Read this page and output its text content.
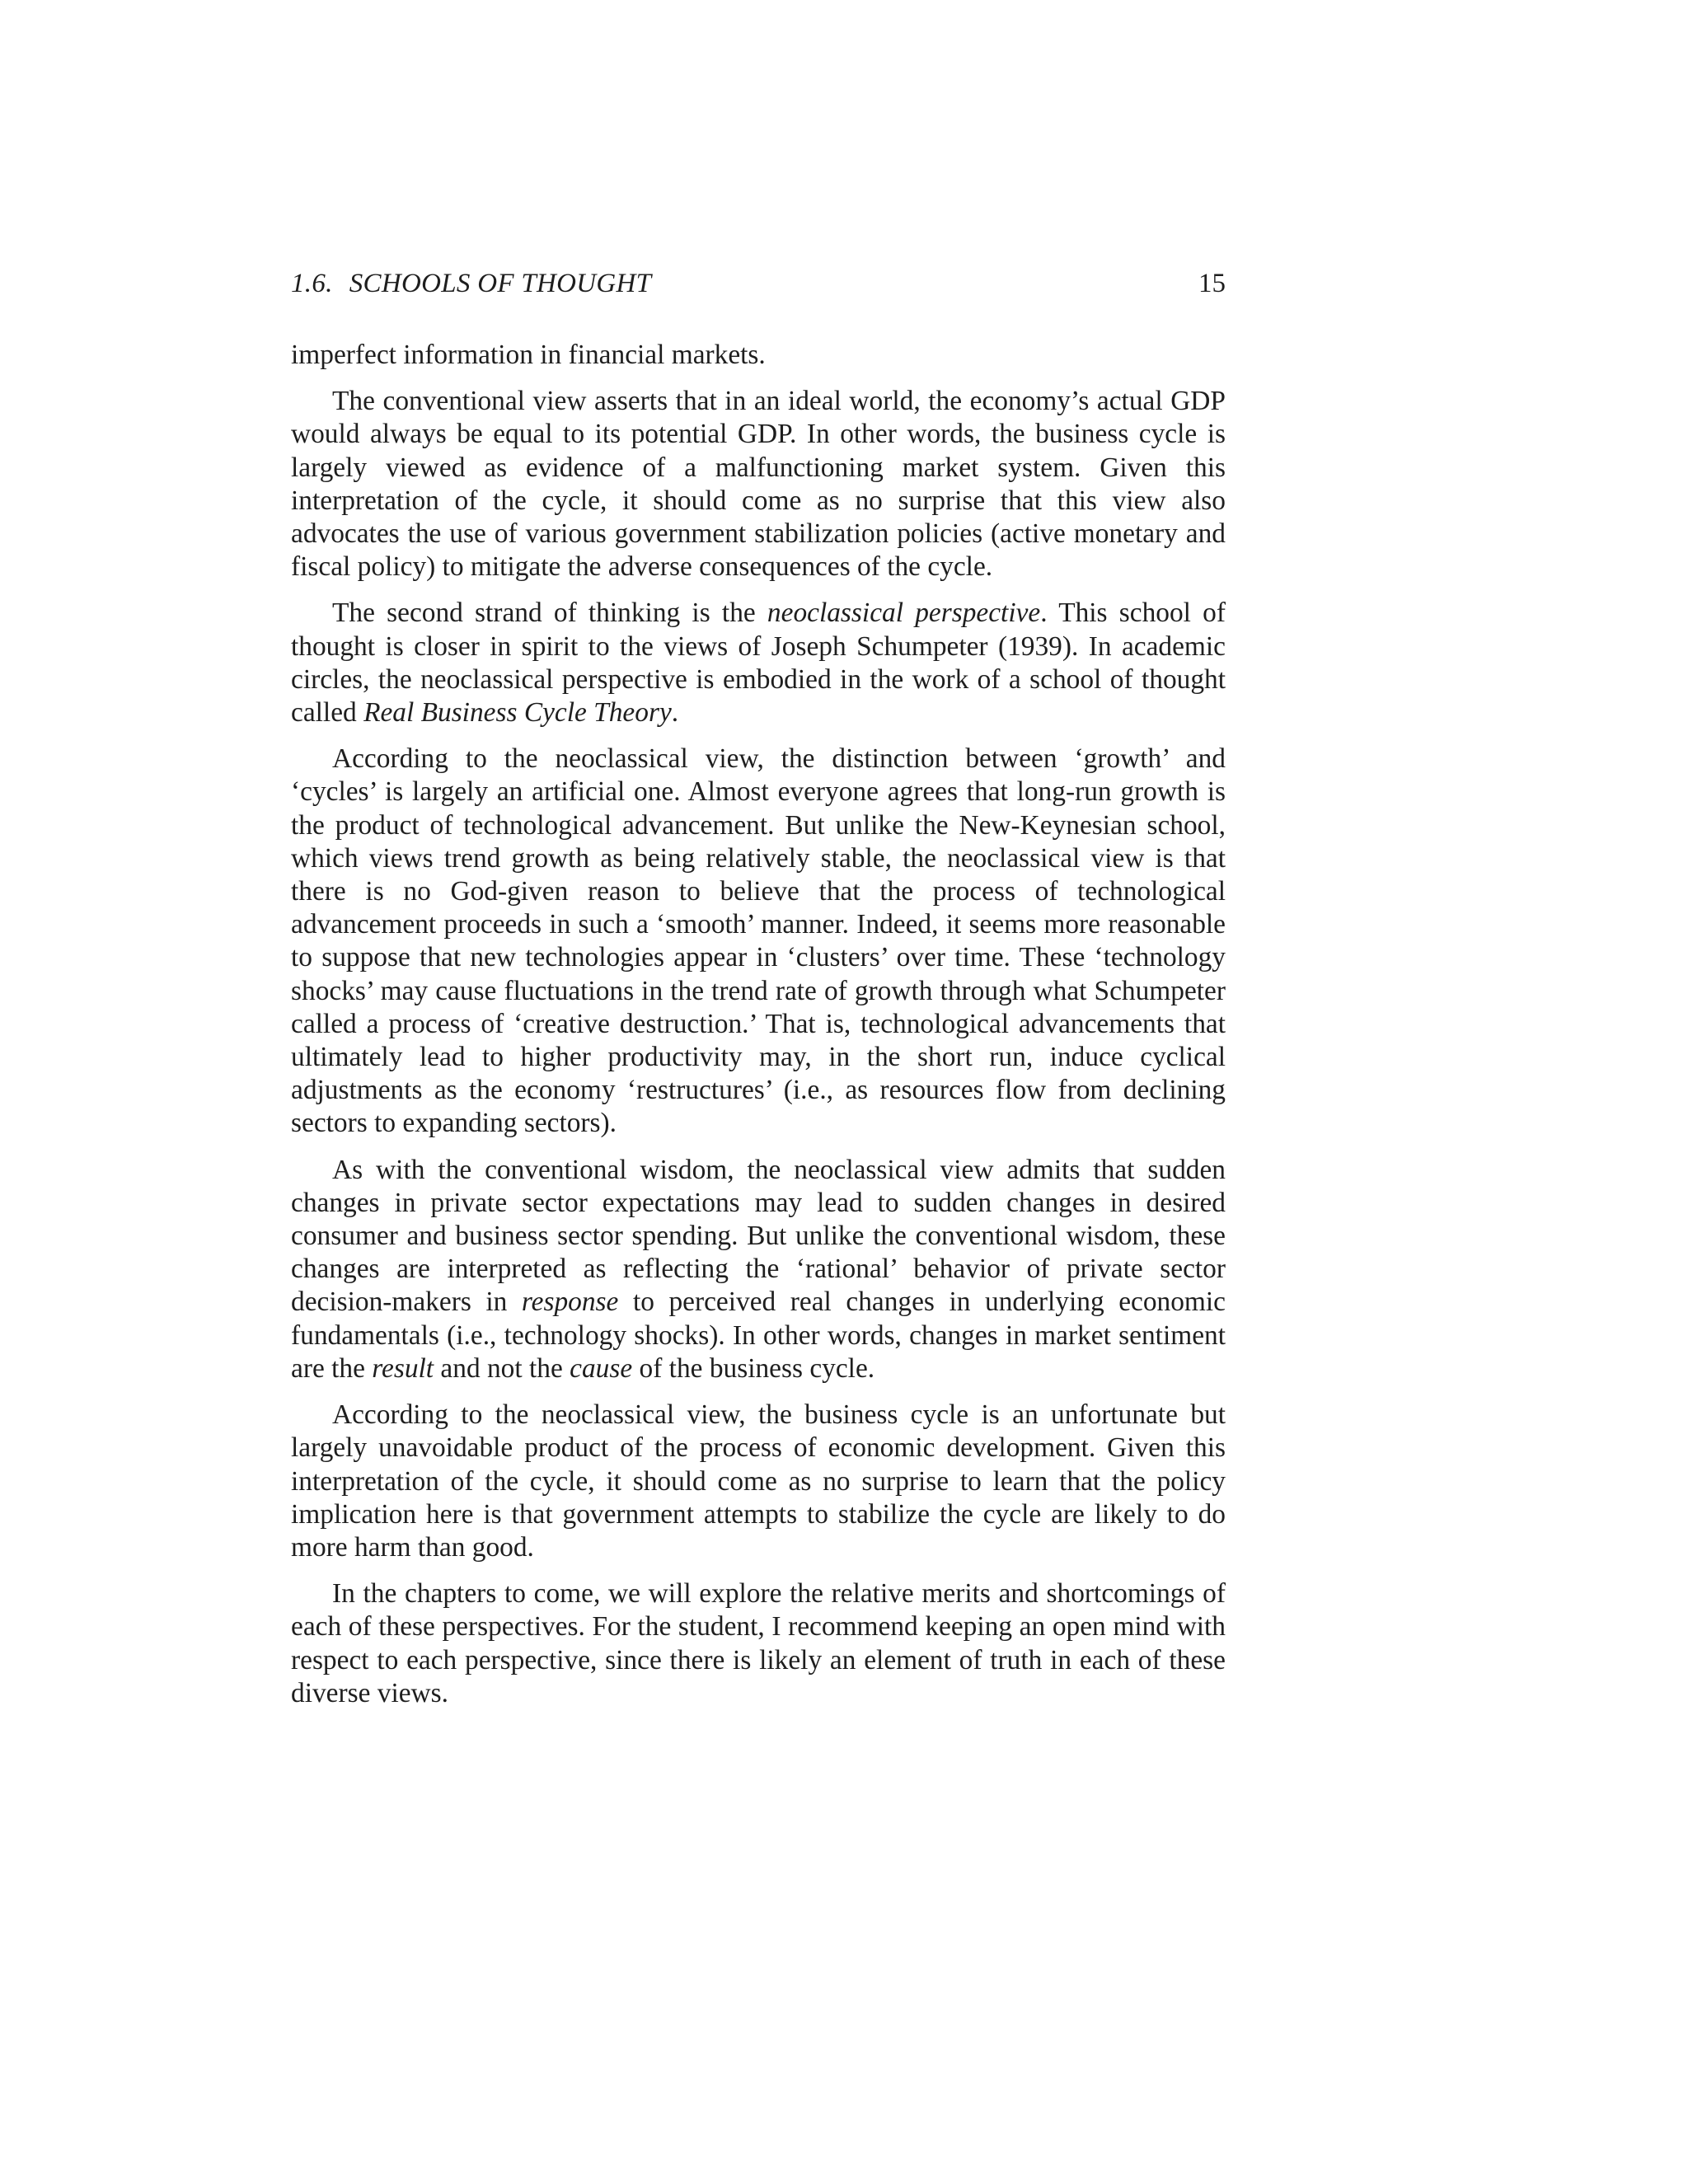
1.6. SCHOOLS OF THOUGHT	15

imperfect information in financial markets.

The conventional view asserts that in an ideal world, the economy’s actual GDP would always be equal to its potential GDP. In other words, the business cycle is largely viewed as evidence of a malfunctioning market system. Given this interpretation of the cycle, it should come as no surprise that this view also advocates the use of various government stabilization policies (active monetary and fiscal policy) to mitigate the adverse consequences of the cycle.

The second strand of thinking is the neoclassical perspective. This school of thought is closer in spirit to the views of Joseph Schumpeter (1939). In academic circles, the neoclassical perspective is embodied in the work of a school of thought called Real Business Cycle Theory.

According to the neoclassical view, the distinction between ‘growth’ and ‘cycles’ is largely an artificial one. Almost everyone agrees that long-run growth is the product of technological advancement. But unlike the New-Keynesian school, which views trend growth as being relatively stable, the neoclassical view is that there is no God-given reason to believe that the process of technological advancement proceeds in such a ‘smooth’ manner. Indeed, it seems more reasonable to suppose that new technologies appear in ‘clusters’ over time. These ‘technology shocks’ may cause fluctuations in the trend rate of growth through what Schumpeter called a process of ‘creative destruction.’ That is, technological advancements that ultimately lead to higher productivity may, in the short run, induce cyclical adjustments as the economy ‘restructures’ (i.e., as resources flow from declining sectors to expanding sectors).

As with the conventional wisdom, the neoclassical view admits that sudden changes in private sector expectations may lead to sudden changes in desired consumer and business sector spending. But unlike the conventional wisdom, these changes are interpreted as reflecting the ‘rational’ behavior of private sector decision-makers in response to perceived real changes in underlying economic fundamentals (i.e., technology shocks). In other words, changes in market sentiment are the result and not the cause of the business cycle.

According to the neoclassical view, the business cycle is an unfortunate but largely unavoidable product of the process of economic development. Given this interpretation of the cycle, it should come as no surprise to learn that the policy implication here is that government attempts to stabilize the cycle are likely to do more harm than good.

In the chapters to come, we will explore the relative merits and shortcomings of each of these perspectives. For the student, I recommend keeping an open mind with respect to each perspective, since there is likely an element of truth in each of these diverse views.
